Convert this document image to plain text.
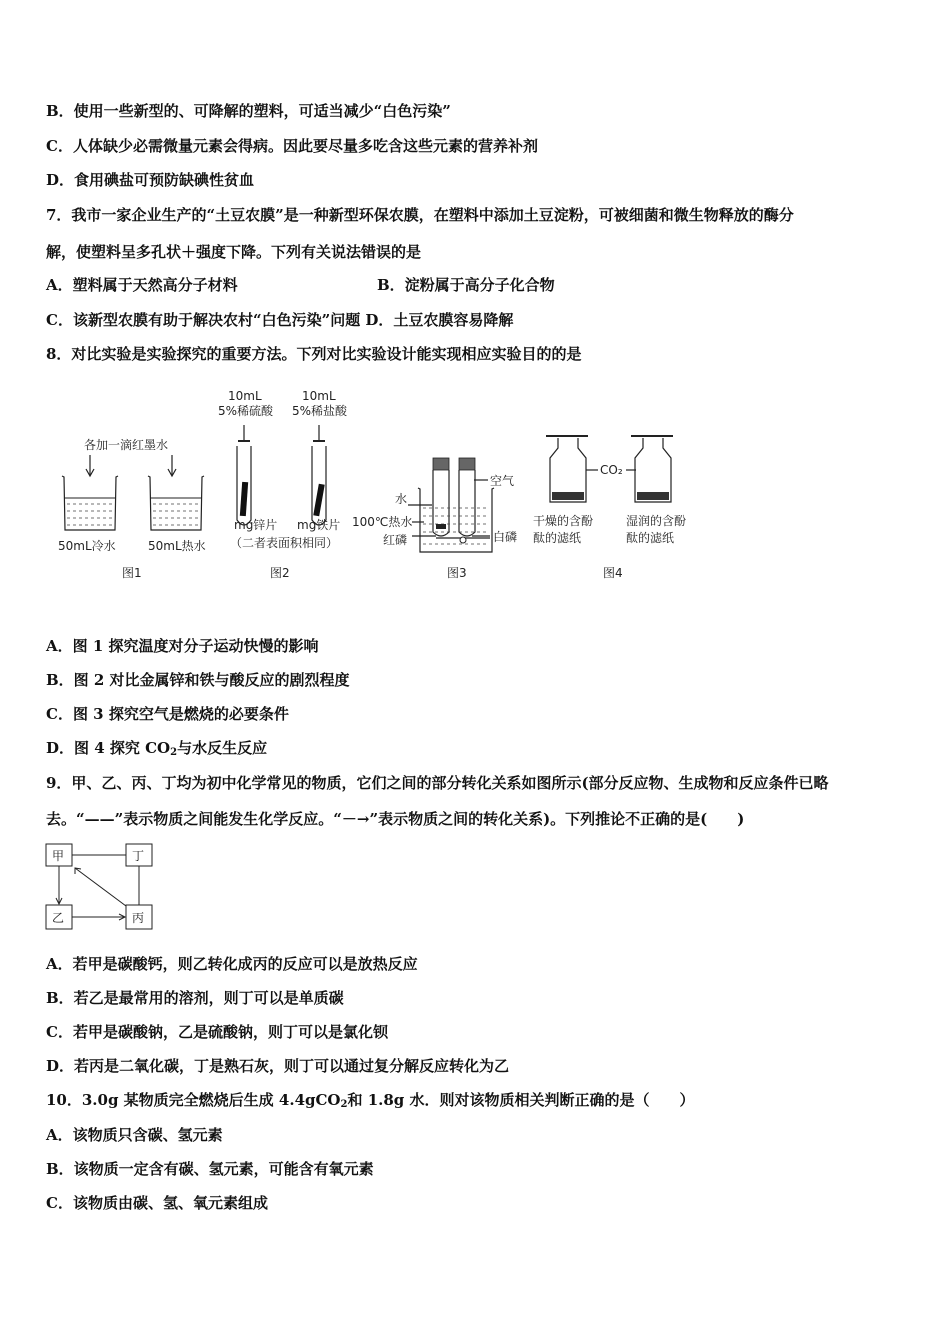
B．使用一些新型的、可降解的塑料，可适当减少“白色污染”
C．人体缺少必需微量元素会得病。因此要尽量多吃含这些元素的营养补剂
D．食用碘盐可预防缺碘性贫血
7．我市一家企业生产的“土豆农膜”是一种新型环保农膜，在塑料中添加土豆淀粉，可被细菌和微生物释放的酶分
解，使塑料呈多孔状＋强度下降。下列有关说法错误的是
A．塑料属于天然高分子材料	B．淀粉属于高分子化合物
C．该新型农膜有助于解决农村“白色污染”问题 D．土豆农膜容易降解
8．对比实验是实验探究的重要方法。下列对比实验设计能实现相应实验目的的是
各加一滴红墨水
50mL冷水	50mL热水
图1
10mL
5%稀硫酸
10mL
5%稀盐酸
mg锌片 mg铁片
（二者表面积相同）
图2
空气
水
100℃热水
红磷	白磷
图3
CO₂
干燥的含酚
酞的滤纸
湿润的含酚
酞的滤纸
图4
A．图 1 探究温度对分子运动快慢的影响
B．图 2 对比金属锌和铁与酸反应的剧烈程度
C．图 3 探究空气是燃烧的必要条件
D．图 4 探究 $CO_2$与水反生反应
9．甲、乙、丙、丁均为初中化学常见的物质，它们之间的部分转化关系如图所示(部分反应物、生成物和反应条件已略
去。“——”表示物质之间能发生化学反应。“－→”表示物质之间的转化关系)。下列推论不正确的是(　　)
甲	丁
乙	丙
A．若甲是碳酸钙，则乙转化成丙的反应可以是放热反应
B．若乙是最常用的溶剂，则丁可以是单质碳
C．若甲是碳酸钠，乙是硫酸钠，则丁可以是氯化钡
D．若丙是二氧化碳，丁是熟石灰，则丁可以通过复分解反应转化为乙
10．3.0g 某物质完全燃烧后生成 4.4gCO$_2$和 1.8g 水．则对该物质相关判断正确的是（　　）
A．该物质只含碳、氢元素
B．该物质一定含有碳、氢元素，可能含有氧元素
C．该物质由碳、氢、氧元素组成
